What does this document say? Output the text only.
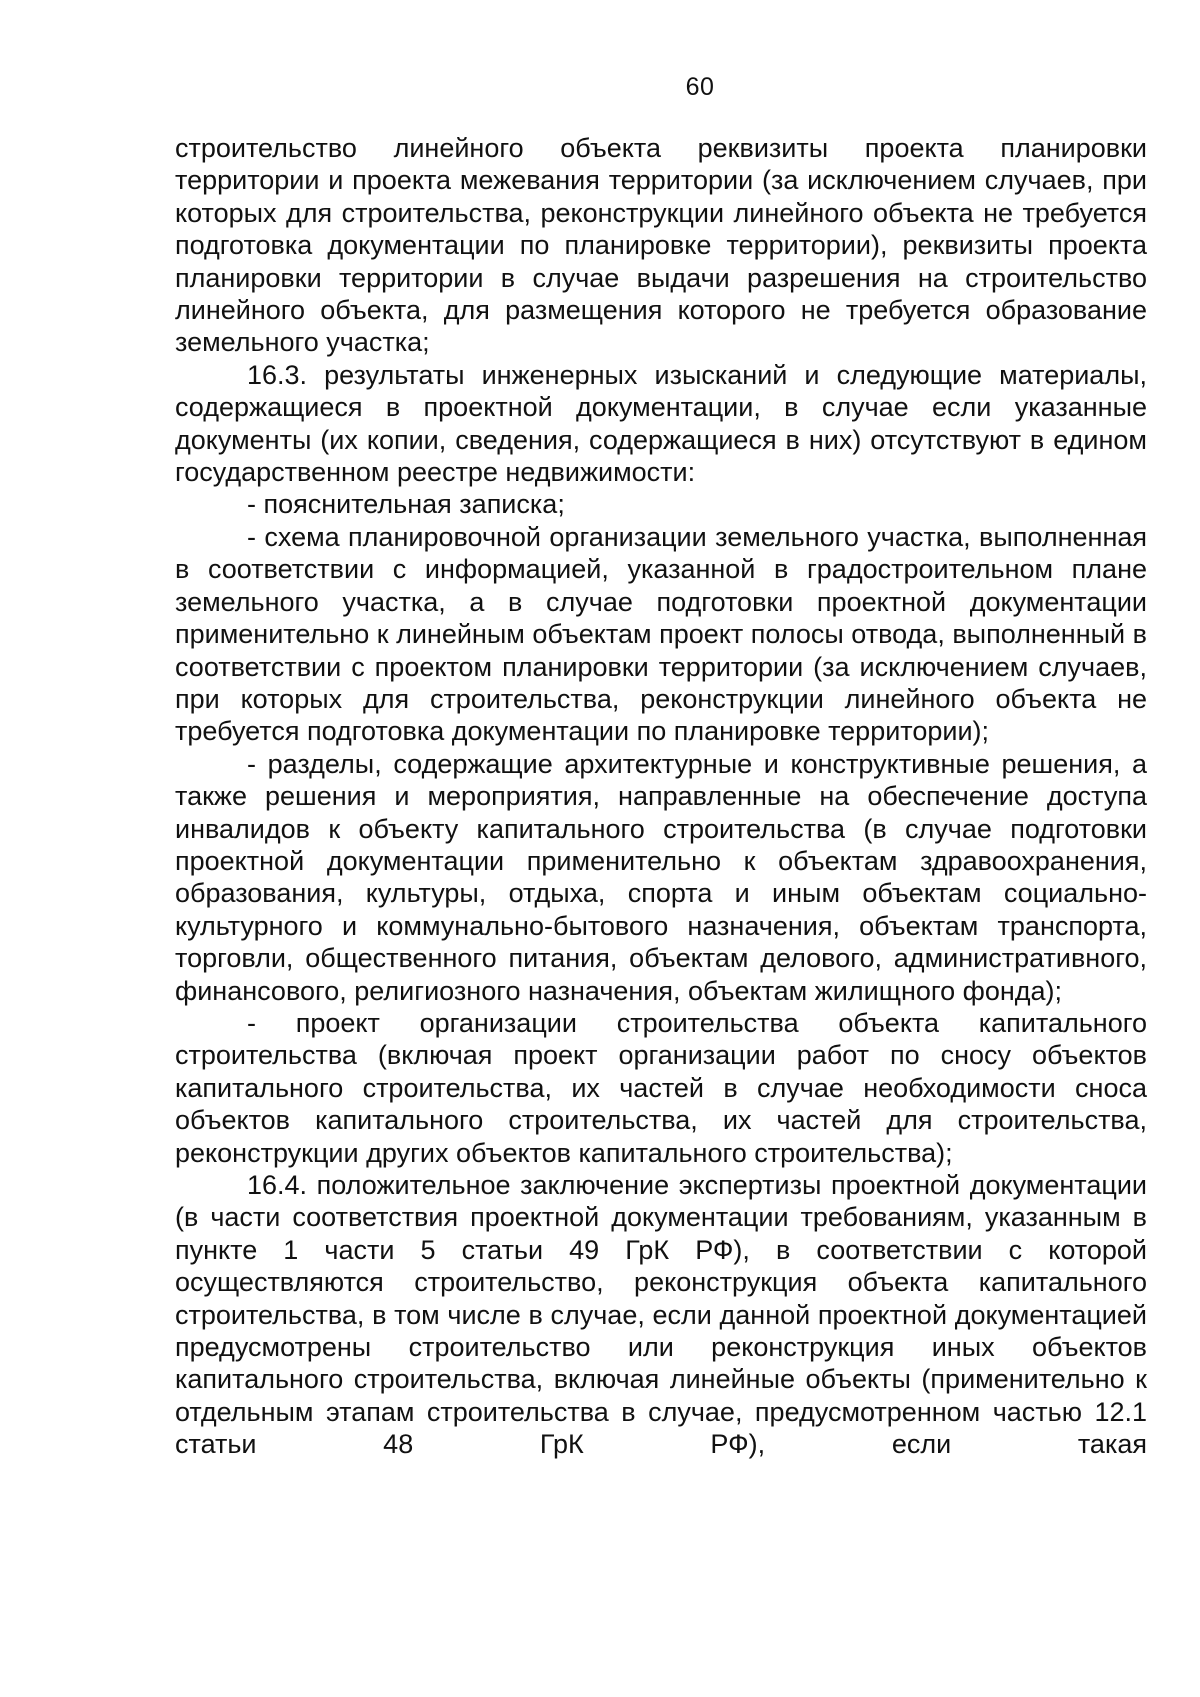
60

строительство линейного объекта реквизиты проекта планировки территории и проекта межевания территории (за исключением случаев, при которых для строительства, реконструкции линейного объекта не требуется подготовка документации по планировке территории), реквизиты проекта планировки территории в случае выдачи разрешения на строительство линейного объекта, для размещения которого не требуется образование земельного участка;

16.3. результаты инженерных изысканий и следующие материалы, содержащиеся в проектной документации, в случае если указанные документы (их копии, сведения, содержащиеся в них) отсутствуют в едином государственном реестре недвижимости:

- пояснительная записка;

- схема планировочной организации земельного участка, выполненная в соответствии с информацией, указанной в градостроительном плане земельного участка, а в случае подготовки проектной документации применительно к линейным объектам проект полосы отвода, выполненный в соответствии с проектом планировки территории (за исключением случаев, при которых для строительства, реконструкции линейного объекта не требуется подготовка документации по планировке территории);

- разделы, содержащие архитектурные и конструктивные решения, а также решения и мероприятия, направленные на обеспечение доступа инвалидов к объекту капитального строительства (в случае подготовки проектной документации применительно к объектам здравоохранения, образования, культуры, отдыха, спорта и иным объектам социально-культурного и коммунально-бытового назначения, объектам транспорта, торговли, общественного питания, объектам делового, административного, финансового, религиозного назначения, объектам жилищного фонда);

- проект организации строительства объекта капитального строительства (включая проект организации работ по сносу объектов капитального строительства, их частей в случае необходимости сноса объектов капитального строительства, их частей для строительства, реконструкции других объектов капитального строительства);

16.4. положительное заключение экспертизы проектной документации (в части соответствия проектной документации требованиям, указанным в пункте 1 части 5 статьи 49 ГрК РФ), в соответствии с которой осуществляются строительство, реконструкция объекта капитального строительства, в том числе в случае, если данной проектной документацией предусмотрены строительство или реконструкция иных объектов капитального строительства, включая линейные объекты (применительно к отдельным этапам строительства в случае, предусмотренном частью 12.1 статьи 48 ГрК РФ), если такая
